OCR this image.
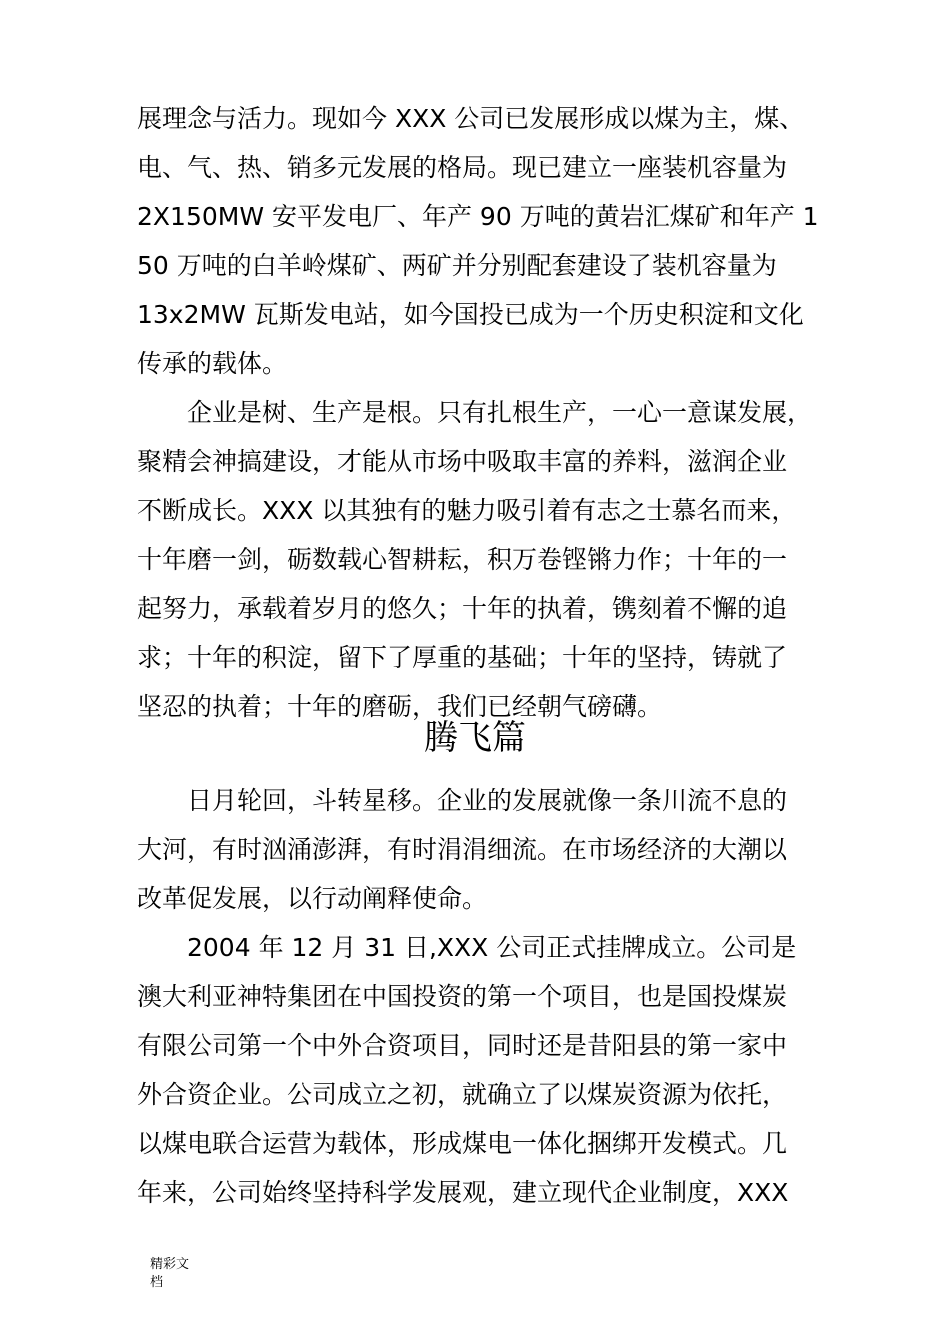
展理念与活力。现如今 XXX 公司已发展形成以煤为主，煤、
电、气、热、销多元发展的格局。现已建立一座装机容量为
2X150MW 安平发电厂、年产 90 万吨的黄岩汇煤矿和年产 1
50 万吨的白羊岭煤矿、两矿并分别配套建设了装机容量为
13x2MW 瓦斯发电站，如今国投已成为一个历史积淀和文化
传承的载体。
企业是树、生产是根。只有扎根生产，一心一意谋发展，
聚精会神搞建设，才能从市场中吸取丰富的养料，滋润企业
不断成长。XXX 以其独有的魅力吸引着有志之士慕名而来，
十年磨一剑，砺数载心智耕耘，积万卷铿锵力作；十年的一
起努力，承载着岁月的悠久；十年的执着，镌刻着不懈的追
求；十年的积淀，留下了厚重的基础；十年的坚持，铸就了
坚忍的执着；十年的磨砺，我们已经朝气磅礴。
腾飞篇
日月轮回，斗转星移。企业的发展就像一条川流不息的
大河，有时汹涌澎湃，有时涓涓细流。在市场经济的大潮以
改革促发展，以行动阐释使命。
2004 年 12 月 31 日,XXX 公司正式挂牌成立。公司是
澳大利亚神特集团在中国投资的第一个项目，也是国投煤炭
有限公司第一个中外合资项目，同时还是昔阳县的第一家中
外合资企业。公司成立之初，就确立了以煤炭资源为依托，
以煤电联合运营为载体，形成煤电一体化捆绑开发模式。几
年来，公司始终坚持科学发展观，建立现代企业制度，XXX
精彩文
档
